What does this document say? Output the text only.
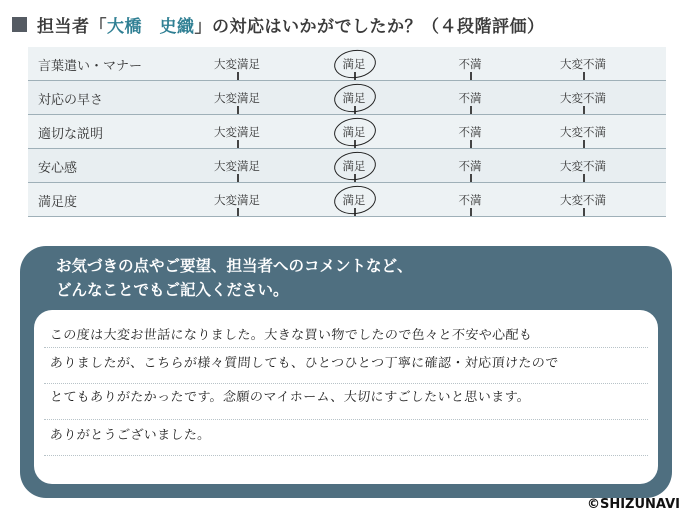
担当者「 大橋　史織 」の対応はいかがでしたか？（４段階評価）
言葉遣い・マナー	大変満足	満足	不満	大変不満
対応の早さ	大変満足	満足	不満	大変不満
適切な説明	大変満足	満足	不満	大変不満
安心感	大変満足	満足	不満	大変不満
満足度	大変満足	満足	不満	大変不満
お気づきの点やご要望、担当者へのコメントなど、
どんなことでもご記入ください。
この度は大変お世話になりました。大きな買い物でしたので色々と不安や心配も
ありましたが、こちらが様々質問しても、ひとつひとつ丁寧に確認・対応頂けたので
とてもありがたかったです。念願のマイホーム、大切にすごしたいと思います。
ありがとうございました。
©SHIZUNAVI
